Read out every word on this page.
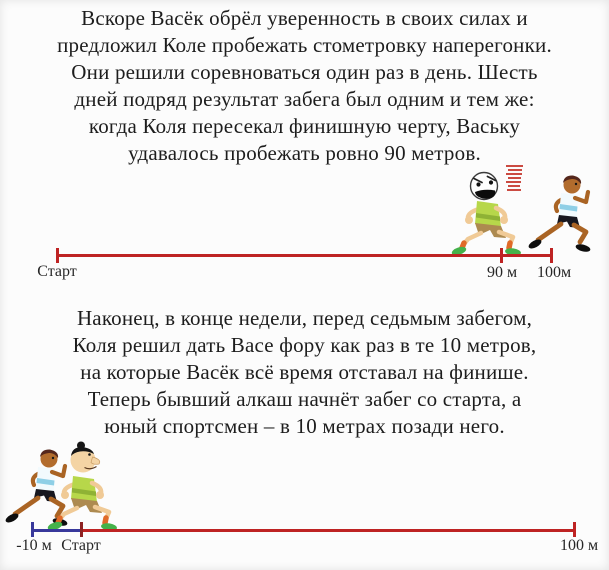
Вскоре Васёк обрёл уверенность в своих силах и
предложил Коле пробежать стометровку наперегонки.
Они решили соревноваться один раз в день. Шесть
дней подряд результат забега был одним и тем же:
когда Коля пересекал финишную черту, Ваську
удавалось пробежать ровно 90 метров.
Старт	90 м	100м
Наконец, в конце недели, перед седьмым забегом,
Коля решил дать Васе фору как раз в те 10 метров,
на которые Васёк всё время отставал на финише.
Теперь бывший алкаш начнёт забег со старта, а
юный спортсмен – в 10 метрах позади него.
-10 м Старт	100 м
